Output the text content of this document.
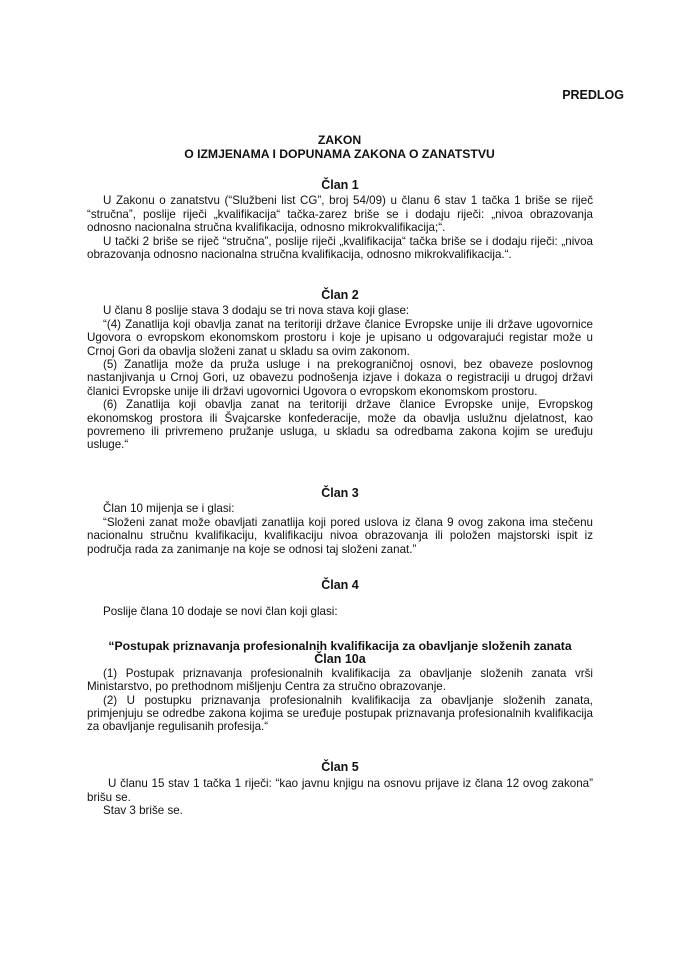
PREDLOG
ZAKON
O IZMJENAMA I DOPUNAMA ZAKONA O ZANATSTVU
Član 1

U Zakonu o zanatstvu (“Službeni list CG”, broj 54/09) u članu 6 stav 1 tačka 1 briše se riječ “stručna”, poslije riječi „kvalifikacija“ tačka-zarez briše se i dodaju riječi: „nivoa obrazovanja odnosno nacionalna stručna kvalifikacija, odnosno mikrokvalifikacija;“.

U tački 2 briše se riječ “stručna”, poslije riječi „kvalifikacija“ tačka briše se i dodaju riječi: „nivoa obrazovanja odnosno nacionalna stručna kvalifikacija, odnosno mikrokvalifikacija.“.

Član 2

U članu 8 poslije stava 3 dodaju se tri nova stava koji glase:

“(4) Zanatlija koji obavlja zanat na teritoriji države članice Evropske unije ili države ugovornice Ugovora o evropskom ekonomskom prostoru i koje je upisano u odgovarajući registar može u Crnoj Gori da obavlja složeni zanat u skladu sa ovim zakonom.

(5) Zanatlija može da pruža usluge i na prekograničnoj osnovi, bez obaveze poslovnog nastanjivanja u Crnoj Gori, uz obavezu podnošenja izjave i dokaza o registraciji u drugoj državi članici Evropske unije ili državi ugovornici Ugovora o evropskom ekonomskom prostoru.

(6) Zanatlija koji obavlja zanat na teritoriji države članice Evropske unije, Evropskog ekonomskog prostora ili Švajcarske konfederacije, može da obavlja uslužnu djelatnost, kao povremeno ili privremeno pružanje usluga, u skladu sa odredbama zakona kojim se uređuju usluge.“

Član 3

Član 10 mijenja se i glasi:

“Složeni zanat može obavljati zanatlija koji pored uslova iz člana 9 ovog zakona ima stečenu nacionalnu stručnu kvalifikaciju, kvalifikaciju nivoa obrazovanja ili položen majstorski ispit iz područja rada za zanimanje na koje se odnosi taj složeni zanat.”

Član 4

Poslije člana 10 dodaje se novi član koji glasi:

“Postupak priznavanja profesionalnih kvalifikacija za obavljanje složenih zanata
Član 10a

(1) Postupak priznavanja profesionalnih kvalifikacija za obavljanje složenih zanata vrši Ministarstvo, po prethodnom mišljenju Centra za stručno obrazovanje.

(2) U postupku priznavanja profesionalnih kvalifikacija za obavljanje složenih zanata, primjenjuju se odredbe zakona kojima se uređuje postupak priznavanja profesionalnih kvalifikacija za obavljanje regulisanih profesija.“

Član 5

U članu 15 stav 1 tačka 1 riječi: “kao javnu knjigu na osnovu prijave iz člana 12 ovog zakona” brišu se.

Stav 3 briše se.
